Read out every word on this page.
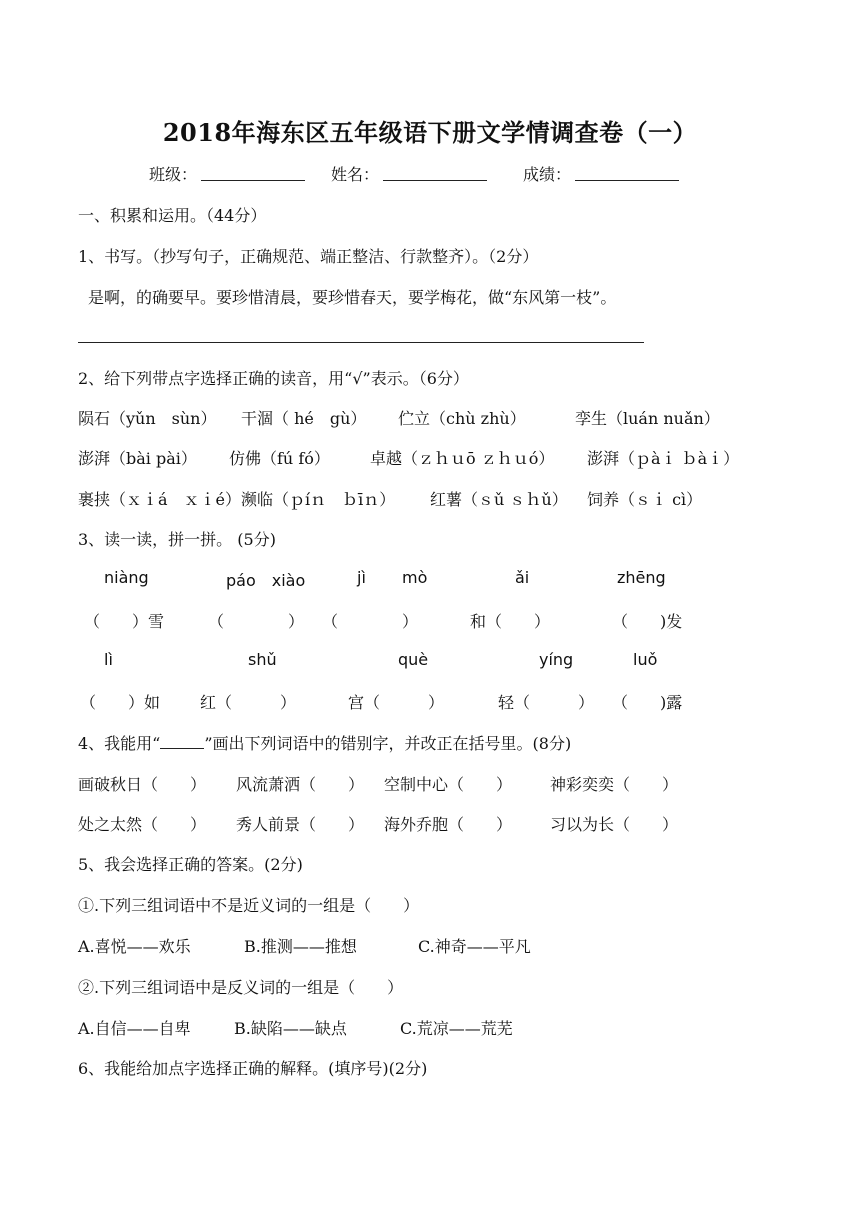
2018年海东区五年级语下册文学情调查卷（一）
班级：	姓名：	成绩：
一、积累和运用。（44分）
1、书写。（抄写句子，正确规范、端正整洁、行款整齐）。（2分）
是啊，的确要早。要珍惜清晨，要珍惜春天，要学梅花，做“东风第一枝”。
2、给下列带点字选择正确的读音，用“√”表示。（6分）
陨石（yǔn　sùn） 干涸（ hé　gù） 伫立（chù zhù）	孪生（luán nuǎn）
澎湃（bài pài） 仿佛（fú fó）	卓越（ｚｈｕō ｚｈｕó） 澎湃（ｐàｉ ｂàｉ）
裹挟（ｘｉá　ｘｉé）濒临（ｐíｎ　ｂīｎ） 红薯（ｓǔ ｓｈǔ） 饲养（ｓｉ cì）
3、读一读，拼一拼。 (5分)
niàng	páo　xiào	jì mò	ǎi	zhēng
（　　）雪	（　　　　） （　　　　）	和（　　）	（　　)发
lì	shǔ	què	yíng	luǒ
（　　）如 红（　　　）	宫（　　　）	轻（　　　） （　　)露
4、我能用“	”画出下列词语中的错别字，并改正在括号里。(8分)
画破秋日（　　） 风流萧洒（　　） 空制中心（　　） 神彩奕奕（　　）
处之太然（　　） 秀人前景（　　） 海外乔胞（　　） 习以为长（　　）
5、我会选择正确的答案。(2分)
①.下列三组词语中不是近义词的一组是（　　）
A.喜悦——欢乐	B.推测——推想	C.神奇——平凡
②.下列三组词语中是反义词的一组是（　　）
A.自信——自卑	B.缺陷——缺点	C.荒凉——荒芜
6、我能给加点字选择正确的解释。(填序号)(2分)
